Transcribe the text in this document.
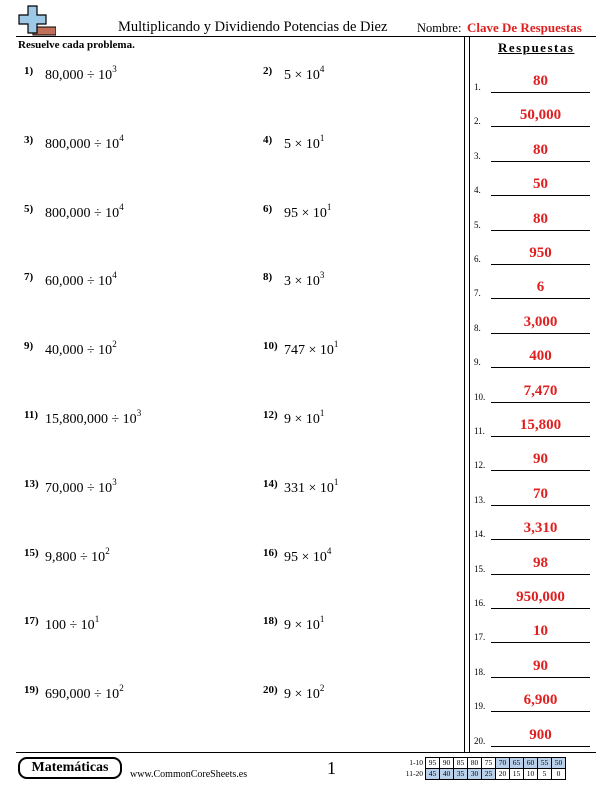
Multiplicando y Dividiendo Potencias de Diez Nombre: Clave De Respuestas
Resuelve cada problema.	Respuestas
1) $80,000 \div 10^3$	2) $5 \times 10^4$
3) $800,000 \div 10^4$	4) $5 \times 10^1$
5) $800,000 \div 10^4$	6) $95 \times 10^1$
7) $60,000 \div 10^4$	8) $3 \times 10^3$
9) $40,000 \div 10^2$	10) $747 \times 10^1$
11) $15,800,000 \div 10^3$	12) $9 \times 10^1$
13) $70,000 \div 10^3$	14) $331 \times 10^1$
15) $9,800 \div 10^2$	16) $95 \times 10^4$
17) $100 \div 10^1$	18) $9 \times 10^1$
19) $690,000 \div 10^2$	20) $9 \times 10^2$
1.	80
2.	50,000
3.	80
4.	50
5.	80
6.	950
7.	6
8.	3,000
9.	400
10.	7,470
11.	15,800
12.	90
13.	70
14.	3,310
15.	98
16.	950,000
17.	10
18.	90
19.	6,900
20.	900
Matemáticas	www.CommonCoreSheets.es	1	1-10	95	90	85	80	75	70	65	60	55	50
11-20	45	40	35	30	25	20	15	10	5	0
